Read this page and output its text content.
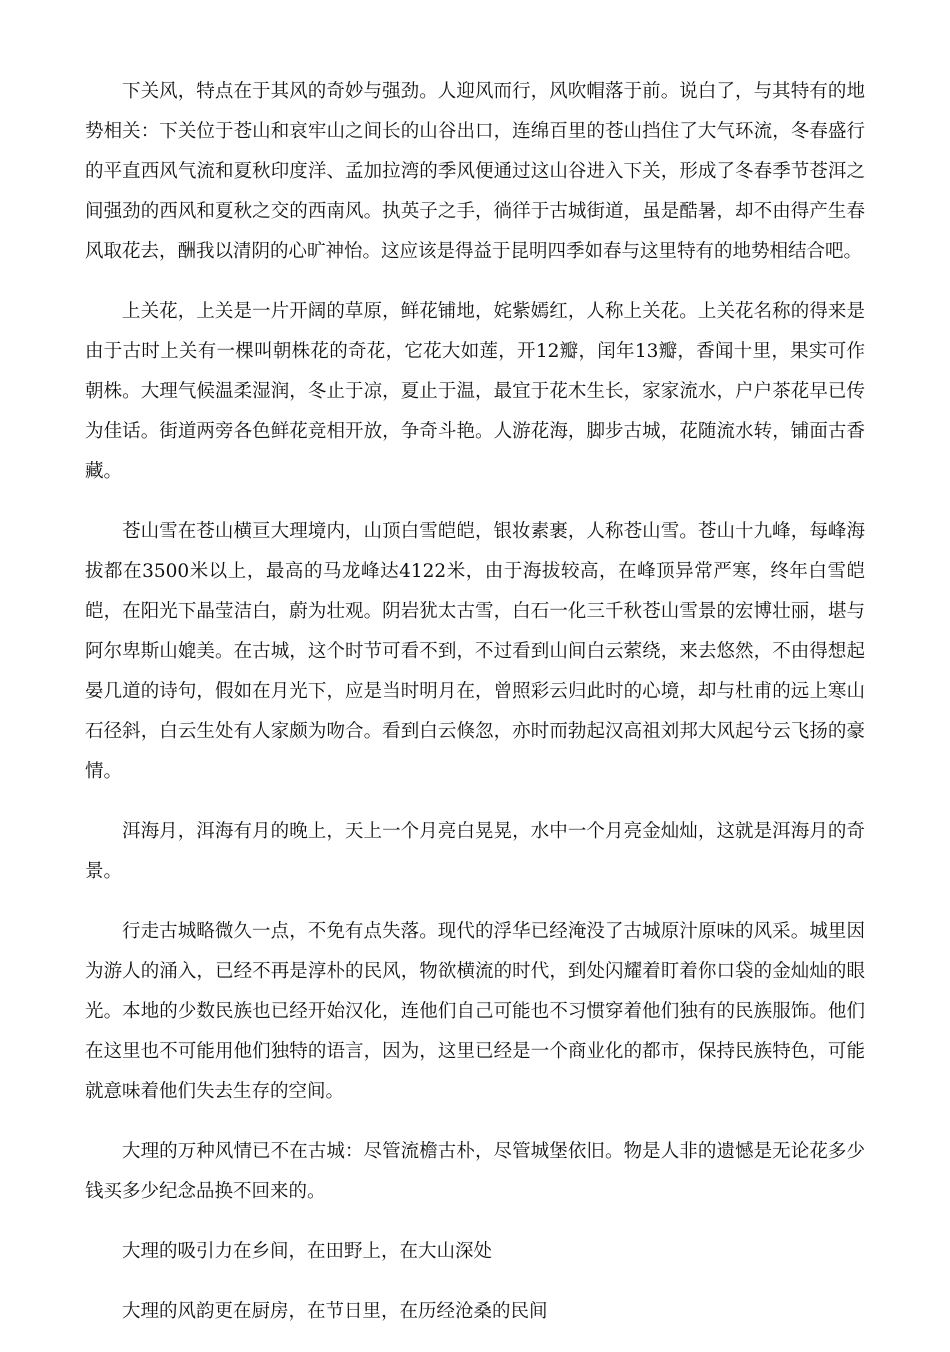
下关风，特点在于其风的奇妙与强劲。人迎风而行，风吹帽落于前。说白了，与其特有的地势相关：下关位于苍山和哀牢山之间长的山谷出口，连绵百里的苍山挡住了大气环流，冬春盛行的平直西风气流和夏秋印度洋、孟加拉湾的季风便通过这山谷进入下关，形成了冬春季节苍洱之间强劲的西风和夏秋之交的西南风。执英子之手，徜徉于古城街道，虽是酷暑，却不由得产生春风取花去，酬我以清阴的心旷神怡。这应该是得益于昆明四季如春与这里特有的地势相结合吧。

上关花，上关是一片开阔的草原，鲜花铺地，姹紫嫣红，人称上关花。上关花名称的得来是由于古时上关有一棵叫朝株花的奇花，它花大如莲，开12瓣，闰年13瓣，香闻十里，果实可作朝株。大理气候温柔湿润，冬止于凉，夏止于温，最宜于花木生长，家家流水，户户茶花早已传为佳话。街道两旁各色鲜花竞相开放，争奇斗艳。人游花海，脚步古城，花随流水转，铺面古香藏。

苍山雪在苍山横亘大理境内，山顶白雪皑皑，银妆素裹，人称苍山雪。苍山十九峰，每峰海拔都在3500米以上，最高的马龙峰达4122米，由于海拔较高，在峰顶异常严寒，终年白雪皑皑，在阳光下晶莹洁白，蔚为壮观。阴岩犹太古雪，白石一化三千秋苍山雪景的宏博壮丽，堪与阿尔卑斯山媲美。在古城，这个时节可看不到，不过看到山间白云萦绕，来去悠然，不由得想起晏几道的诗句，假如在月光下，应是当时明月在，曾照彩云归此时的心境，却与杜甫的远上寒山石径斜，白云生处有人家颇为吻合。看到白云倏忽，亦时而勃起汉高祖刘邦大风起兮云飞扬的豪情。

洱海月，洱海有月的晚上，天上一个月亮白晃晃，水中一个月亮金灿灿，这就是洱海月的奇景。

行走古城略微久一点，不免有点失落。现代的浮华已经淹没了古城原汁原味的风采。城里因为游人的涌入，已经不再是淳朴的民风，物欲横流的时代，到处闪耀着盯着你口袋的金灿灿的眼光。本地的少数民族也已经开始汉化，连他们自己可能也不习惯穿着他们独有的民族服饰。他们在这里也不可能用他们独特的语言，因为，这里已经是一个商业化的都市，保持民族特色，可能就意味着他们失去生存的空间。

大理的万种风情已不在古城：尽管流檐古朴，尽管城堡依旧。物是人非的遗憾是无论花多少钱买多少纪念品换不回来的。

大理的吸引力在乡间，在田野上，在大山深处

大理的风韵更在厨房，在节日里，在历经沧桑的民间
